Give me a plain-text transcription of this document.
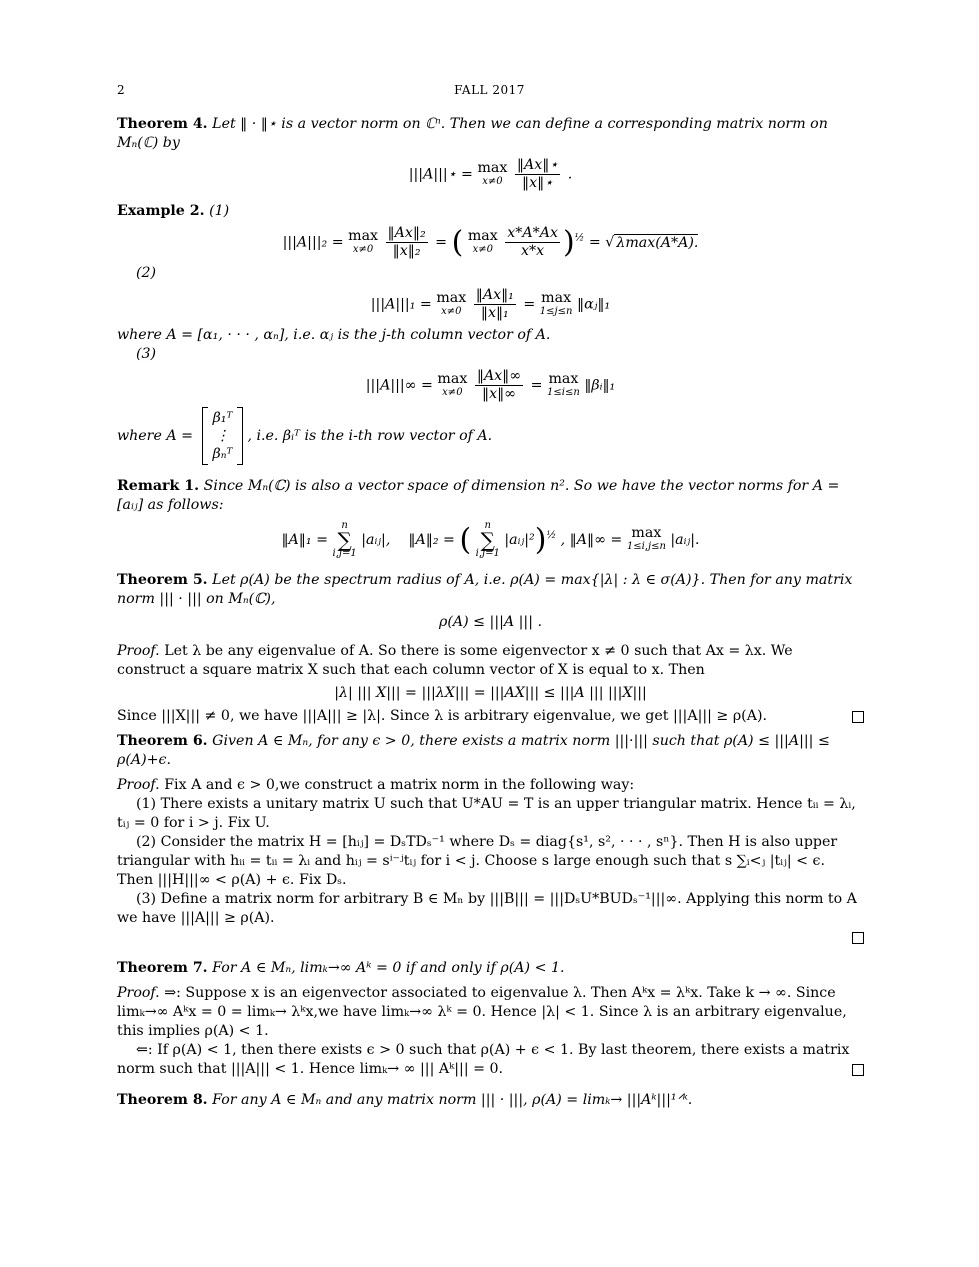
2	FALL 2017

Theorem 4. Let ‖ · ‖⋆ is a vector norm on ℂⁿ. Then we can define a corresponding matrix norm on Mₙ(ℂ) by

|||A|||⋆ = max
x≠0
$\frac{‖Ax‖⋆}{‖x‖⋆}$ .

Example 2. (1)

|||A|||₂ = max
x≠0
$\frac{\text{‖Ax‖₂}}{\text{‖x‖₂}}$ = ( max
x≠0
$\frac{x*A*Ax}{x*x} )^{\frac{1}{2}}$ = √ λmax(A*A).

(2)

|||A|||₁ = max
x≠0
$\frac{\text{‖Ax‖₁}}{\text{‖x‖₁}} = \max$
1≤j≤n ‖αⱼ‖₁

where A = [α₁, · · · , αₙ], i.e. αⱼ is the j-th column vector of A.

(3)

|||A|||∞ = max
x≠0
$\frac{‖Ax‖\infty}{‖x‖\infty} = \max$
1≤i≤n ‖βᵢ‖₁

where A = β₁ᵀ
⋮
βₙᵀ, i.e. βᵢᵀ is the i-th row vector of A.

Remark 1. Since Mₙ(ℂ) is also a vector space of dimension n². So we have the vector norms for A = [aᵢⱼ] as follows:

‖A‖₁ =
n
∑
i,j=1
|aᵢⱼ|, ‖A‖₂ = ( n
∑
i,j=1
|aᵢⱼ|²)$^{\frac{1}{2}}$ , ‖A‖∞ = max
1≤i,j≤n |aᵢⱼ|.

Theorem 5. Let ρ(A) be the spectrum radius of A, i.e. ρ(A) = max{|λ| : λ ∈ σ(A)}. Then for any matrix norm ||| · ||| on Mₙ(ℂ),

ρ(A) ≤ |||A ||| .

Proof. Let λ be any eigenvalue of A. So there is some eigenvector x ≠ 0 such that Ax = λx. We construct a square matrix X such that each column vector of X is equal to x. Then

|λ| ||| X||| = |||λX||| = |||AX||| ≤ |||A ||| |||X|||

Since |||X||| ≠ 0, we have |||A||| ≥ |λ|. Since λ is arbitrary eigenvalue, we get |||A||| ≥ ρ(A).

Theorem 6. Given A ∈ Mₙ, for any ϵ > 0, there exists a matrix norm |||·||| such that ρ(A) ≤ |||A||| ≤ ρ(A)+ϵ.

Proof. Fix A and ϵ > 0,we construct a matrix norm in the following way:

(1) There exists a unitary matrix U such that U*AU = T is an upper triangular matrix. Hence tᵢᵢ = λᵢ, tᵢⱼ = 0 for i > j. Fix U.

(2) Consider the matrix H = [hᵢⱼ] = DₛTDₛ⁻¹ where Dₛ = diag{s¹, s², · · · , sⁿ}. Then H is also upper triangular with hᵢᵢ = tᵢᵢ = λᵢ and hᵢⱼ = sⁱ⁻ʲtᵢⱼ for i < j. Choose s large enough such that s ∑ᵢ<ⱼ |tᵢⱼ| < ϵ. Then |||H|||∞ < ρ(A) + ϵ. Fix Dₛ.

(3) Define a matrix norm for arbitrary B ∈ Mₙ by |||B||| = |||DₛU*BUDₛ⁻¹|||∞. Applying this norm to A we have |||A||| ≥ ρ(A).

Theorem 7. For A ∈ Mₙ, limₖ→∞ Aᵏ = 0 if and only if ρ(A) < 1.

Proof. ⇒: Suppose x is an eigenvector associated to eigenvalue λ. Then Aᵏx = λᵏx. Take k → ∞. Since limₖ→∞ Aᵏx = 0 = limₖ→ λᵏx,we have limₖ→∞ λᵏ = 0. Hence |λ| < 1. Since λ is an arbitrary eigenvalue, this implies ρ(A) < 1.

⇐: If ρ(A) < 1, then there exists ϵ > 0 such that ρ(A) + ϵ < 1. By last theorem, there exists a matrix norm such that |||A||| < 1. Hence limₖ→ ∞ ||| Aᵏ||| = 0.

Theorem 8. For any A ∈ Mₙ and any matrix norm ||| · |||, ρ(A) = limₖ→ |||Aᵏ|||¹ᐟᵏ.
